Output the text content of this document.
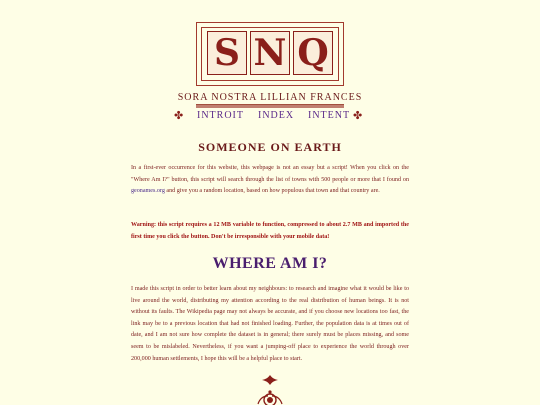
S N Q
SORA NOSTRA LILLIAN FRANCES
✤ INTROIT INDEX INTENT ✤
SOMEONE ON EARTH

In a first-ever occurrence for this website, this webpage is not an essay but a script! When you click on the "Where Am I?" button, this script will search through the list of towns with 500 people or more that I found on geonames.org and give you a random location, based on how populous that town and that country are.

Warning: this script requires a 12 MB variable to function, compressed to about 2.7 MB and imported the first time you click the button. Don't be irresponsible with your mobile data!

WHERE AM I?

I made this script in order to better learn about my neighbours: to research and imagine what it would be like to live around the world, distributing my attention according to the real distribution of human beings. It is not without its faults. The Wikipedia page may not always be accurate, and if you choose new locations too fast, the link may be to a previous location that had not finished loading. Further, the population data is at times out of date, and I am not sure how complete the dataset is in general; there surely must be places missing, and some seem to be mislabeled. Nevertheless, if you want a jumping-off place to experience the world through over 200,000 human settlements, I hope this will be a helpful place to start.
